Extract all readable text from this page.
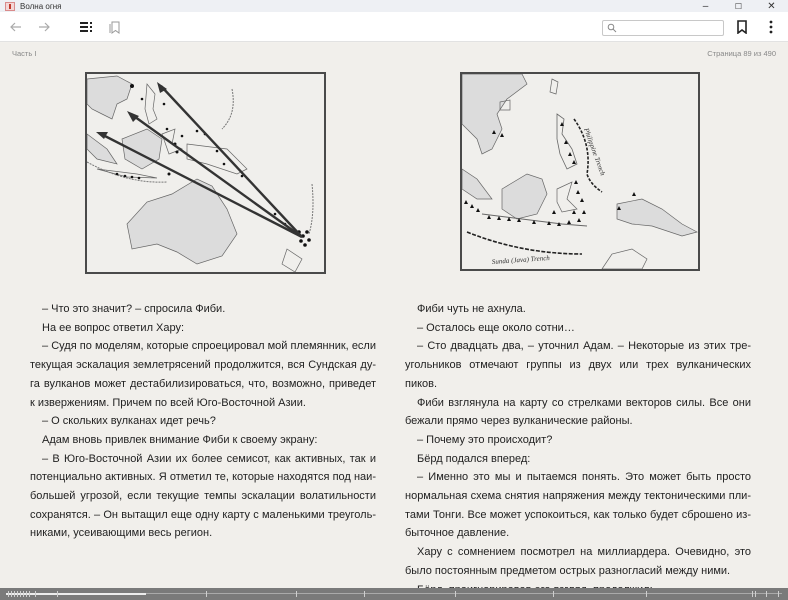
Волна огня	–	☐	✕
Часть I	Страница 89 из 490
Philippine Trench
Sunda (Java) Trench

– Что это значит? – спросила Фиби.

На ее вопрос ответил Хару:

– Судя по моделям, которые спроецировал мой племянник, если текущая эскалация землетрясений продолжится, вся Сундская дуга вулканов может дестабилизироваться, что, возможно, приведет к извержениям. Причем по всей Юго-Восточной Азии.

– О скольких вулканах идет речь?

Адам вновь привлек внимание Фиби к своему экрану:

– В Юго-Восточной Азии их более семисот, как активных, так и потенциально активных. Я отметил те, которые находятся под наибольшей угрозой, если текущие темпы эскалации волатильности сохранятся. – Он вытащил еще одну карту с маленькими треугольниками, усеивающими весь регион.

Фиби чуть не ахнула.

– Осталось еще около сотни…

– Сто двадцать два, – уточнил Адам. – Некоторые из этих треугольников отмечают группы из двух или трех вулканических пиков.

Фиби взглянула на карту со стрелками векторов силы. Все они бежали прямо через вулканические районы.

– Почему это происходит?

Бёрд подался вперед:

– Именно это мы и пытаемся понять. Это может быть просто нормальная схема снятия напряжения между тектоническими плитами Тонги. Все может успокоиться, как только будет сброшено избыточное давление.

Хару с сомнением посмотрел на миллиардера. Очевидно, это было постоянным предметом острых разногласий между ними.
